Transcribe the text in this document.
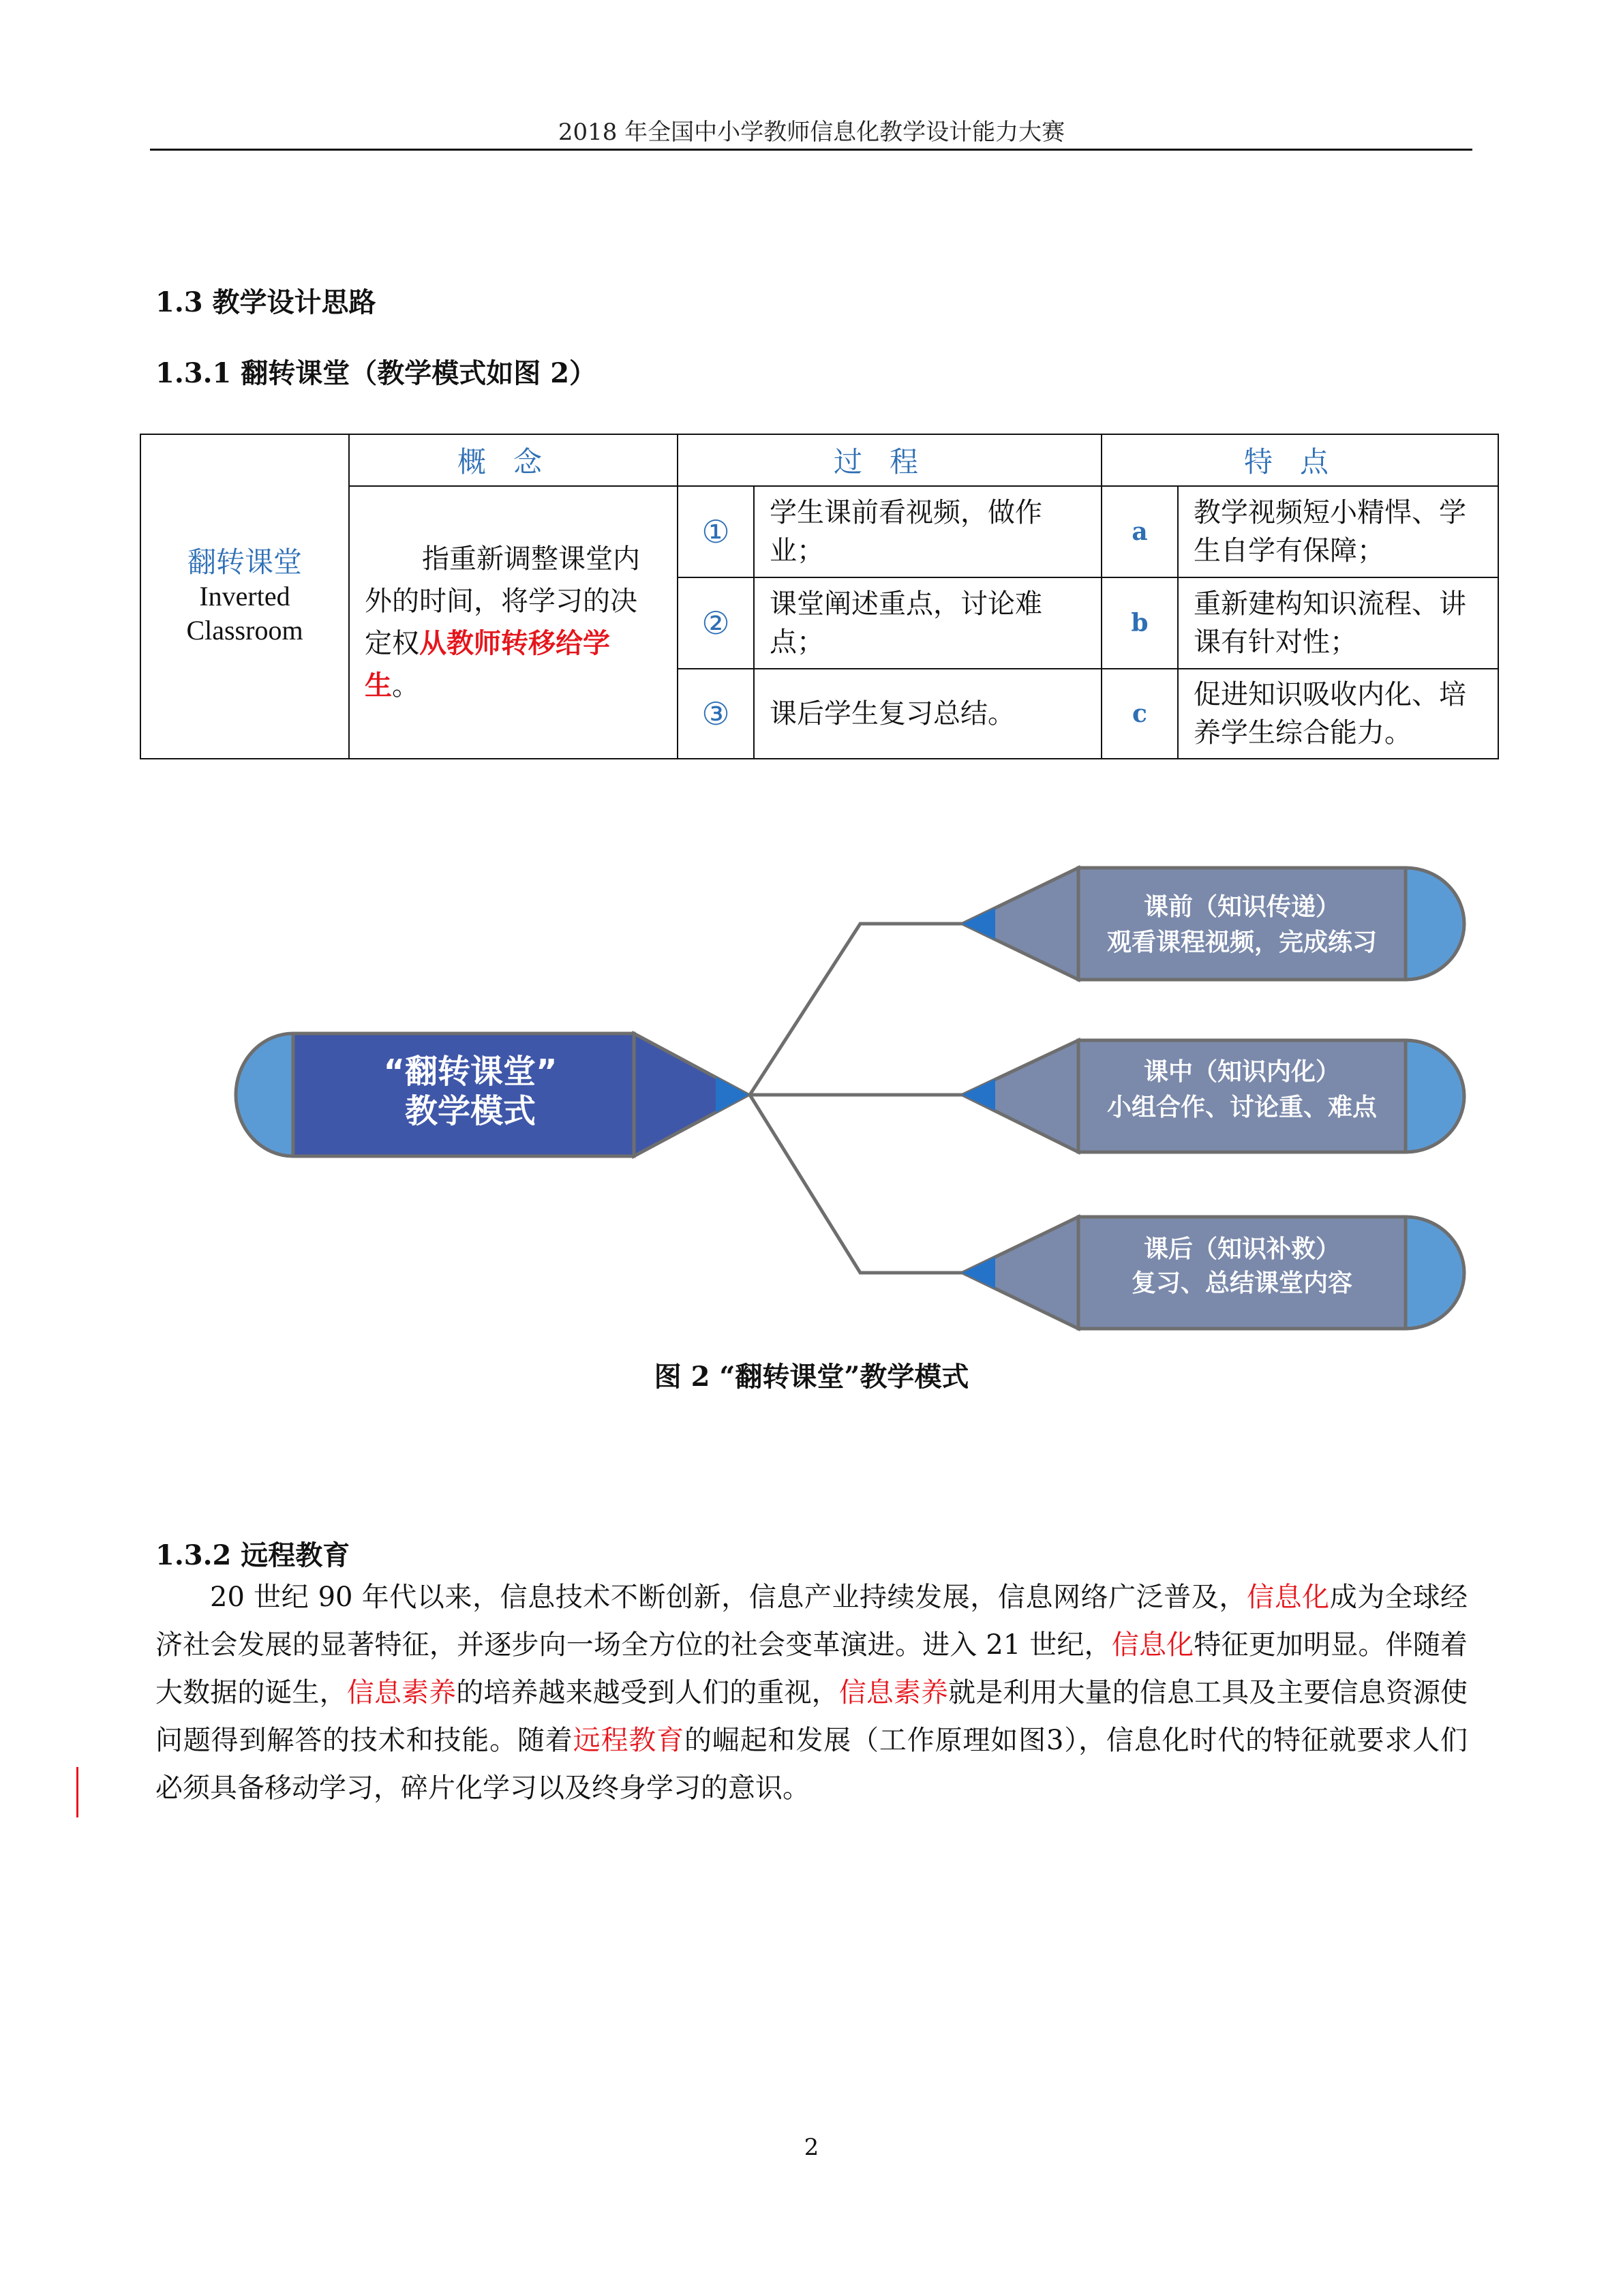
2018 年全国中小学教师信息化教学设计能力大赛
1.3 教学设计思路
1.3.1 翻转课堂（教学模式如图 2）
翻转课堂
Inverted
Classroom	概念	过程		特点	
	指重新调整课堂内外的时间，将学习的决定权从教师转移给学生。	①	学生课前看视频，做作业；	a	教学视频短小精悍、学生自学有保障；
		②	课堂阐述重点，讨论难点；	b	重新建构知识流程、讲课有针对性；
		③	课后学生复习总结。	c	促进知识吸收内化、培养学生综合能力。
“翻转课堂”
教学模式
课前（知识传递）
观看课程视频，完成练习
课中（知识内化）
小组合作、讨论重、难点
课后（知识补救）
复习、总结课堂内容
图 2 “翻转课堂”教学模式
1.3.2 远程教育

20 世纪 90 年代以来，信息技术不断创新，信息产业持续发展，信息网络广泛普及，信息化成为全球经济社会发展的显著特征，并逐步向一场全方位的社会变革演进。进入 21 世纪，信息化特征更加明显。伴随着大数据的诞生，信息素养的培养越来越受到人们的重视，信息素养就是利用大量的信息工具及主要信息资源使问题得到解答的技术和技能。随着远程教育的崛起和发展（工作原理如图3），信息化时代的特征就要求人们必须具备移动学习，碎片化学习以及终身学习的意识。

2
